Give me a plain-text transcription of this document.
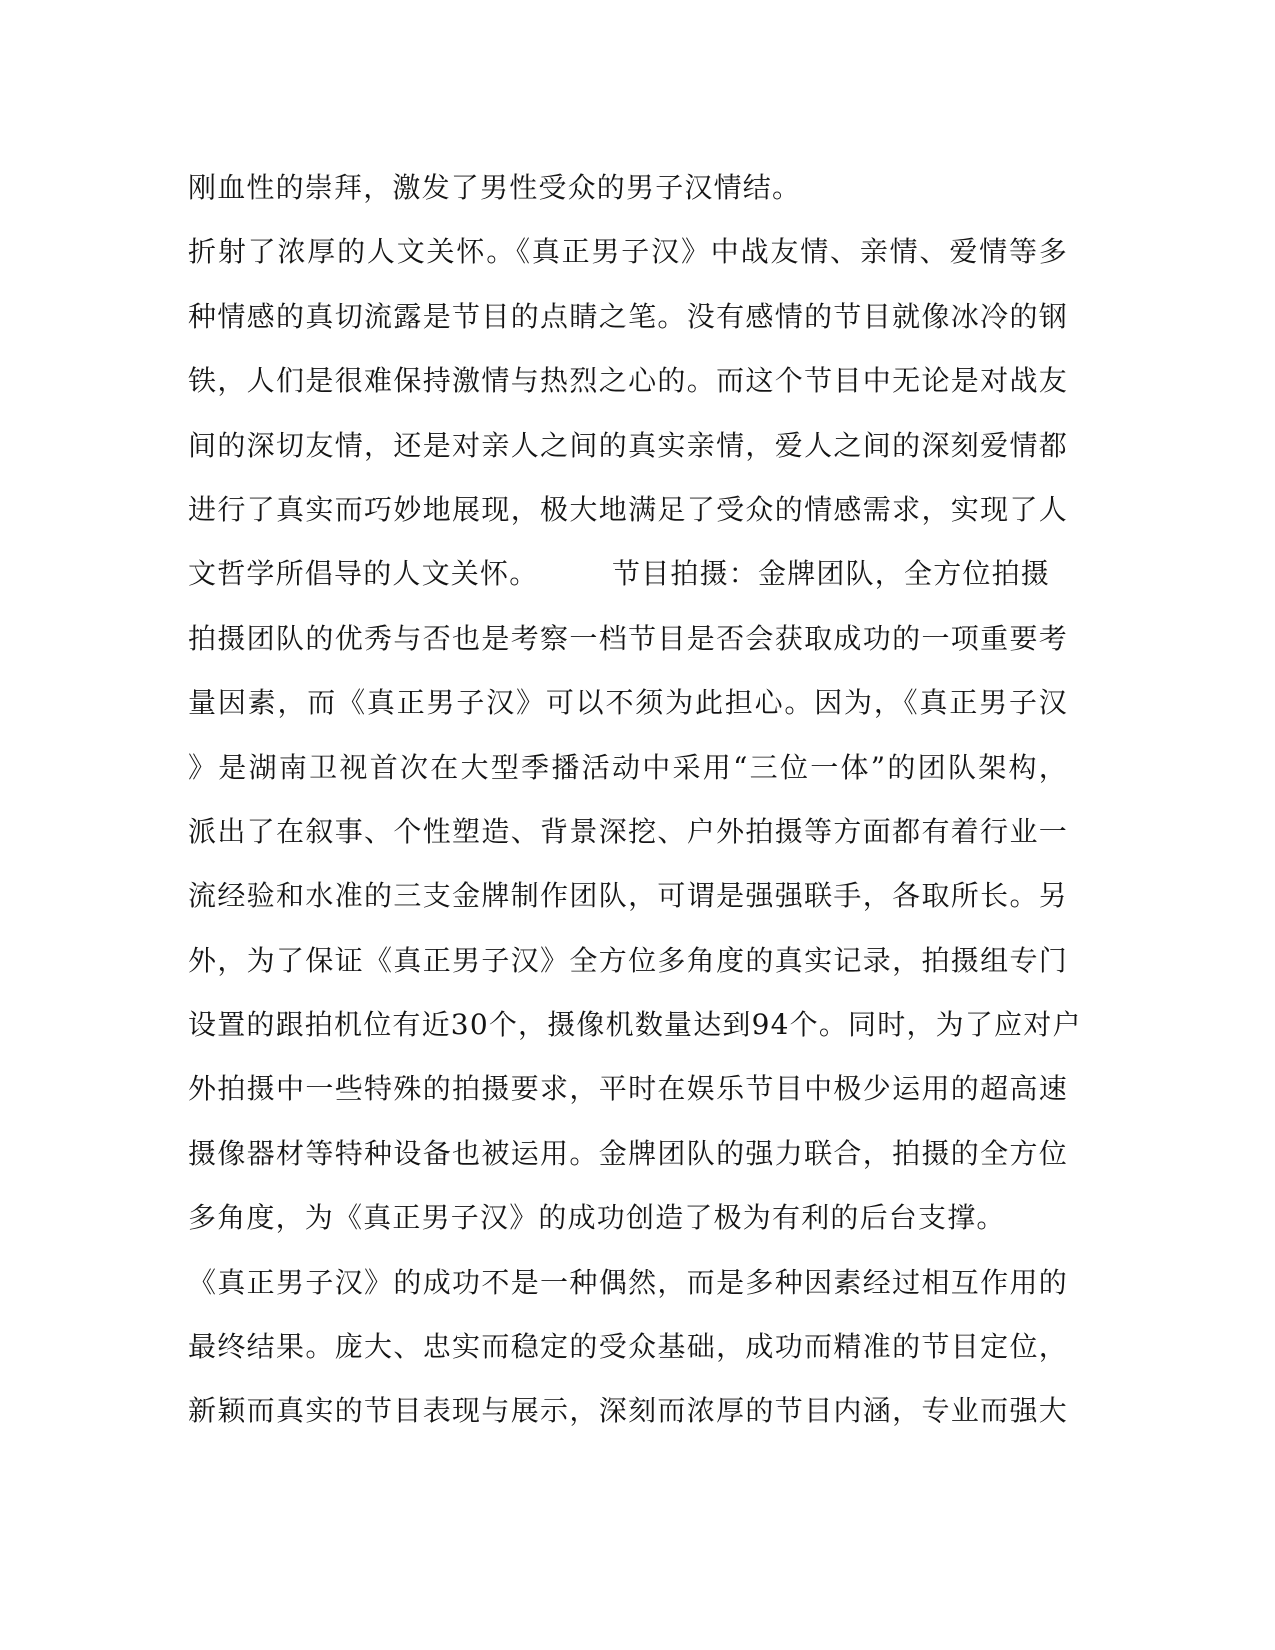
刚血性的崇拜，激发了男性受众的男子汉情结。
折射了浓厚的人文关怀。《真正男子汉》中战友情、亲情、爱情等多
种情感的真切流露是节目的点睛之笔。没有感情的节目就像冰冷的钢
铁，人们是很难保持激情与热烈之心的。而这个节目中无论是对战友
间的深切友情，还是对亲人之间的真实亲情，爱人之间的深刻爱情都
进行了真实而巧妙地展现，极大地满足了受众的情感需求，实现了人
文哲学所倡导的人文关怀。　　　节目拍摄：金牌团队，全方位拍摄
拍摄团队的优秀与否也是考察一档节目是否会获取成功的一项重要考
量因素，而《真正男子汉》可以不须为此担心。因为，《真正男子汉
》是湖南卫视首次在大型季播活动中采用“三位一体”的团队架构，
派出了在叙事、个性塑造、背景深挖、户外拍摄等方面都有着行业一
流经验和水准的三支金牌制作团队，可谓是强强联手，各取所长。另
外，为了保证《真正男子汉》全方位多角度的真实记录，拍摄组专门
设置的跟拍机位有近30个，摄像机数量达到94个。同时，为了应对户
外拍摄中一些特殊的拍摄要求，平时在娱乐节目中极少运用的超高速
摄像器材等特种设备也被运用。金牌团队的强力联合，拍摄的全方位
多角度，为《真正男子汉》的成功创造了极为有利的后台支撑。
《真正男子汉》的成功不是一种偶然，而是多种因素经过相互作用的
最终结果。庞大、忠实而稳定的受众基础，成功而精准的节目定位，
新颖而真实的节目表现与展示，深刻而浓厚的节目内涵，专业而强大
